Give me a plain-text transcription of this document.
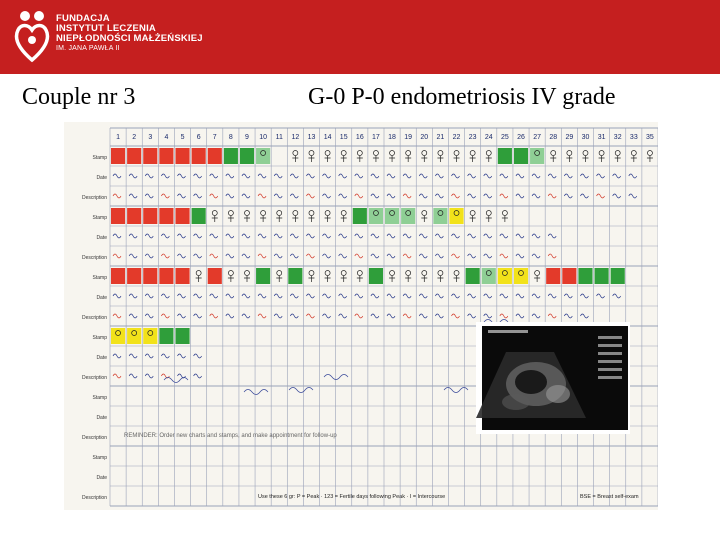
FUNDACJA
INSTYTUT LECZENIA
NIEPŁODNOŚCI MAŁŻEŃSKIEJ
IM. JANA PAWŁA II
Couple nr 3	G-0 P-0 endometriosis IV grade
1 2 3 4 5 6 7 8 9 10 11 12 13 14 15 16 17 18 19 20 21 22 23 24 25 26 27 28 29 30 31 32 33 35
Stamp
Date
Description
Stamp
Date
Description
Stamp
Date
Description
Stamp
Date
Description
Stamp
Date
Description
Stamp
Date
Description
REMINDER: Order new charts and stamps, and make appointment for follow-up
Use these 6 gr: P = Peak · 123 = Fertile days following Peak · I = Intercourse	BSE = Breast self-exam
